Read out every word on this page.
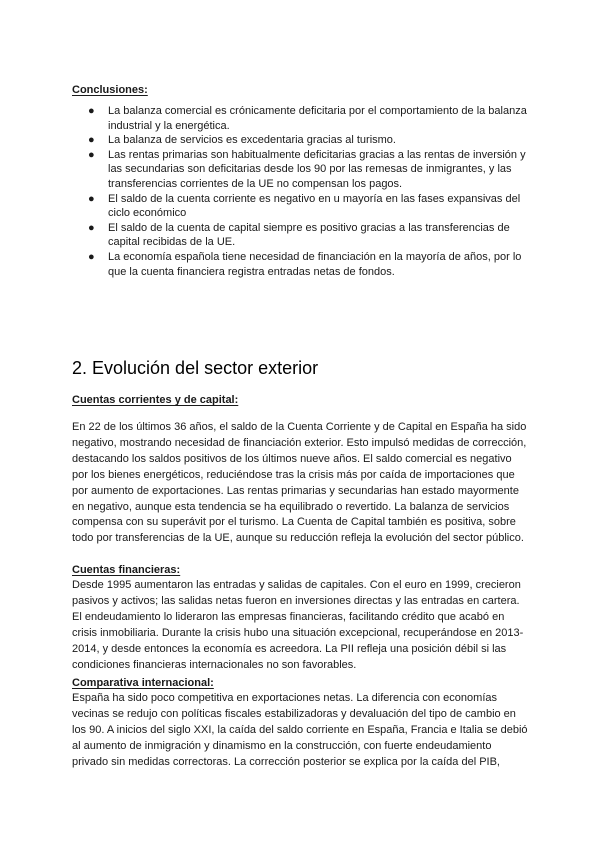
Conclusiones:

● La balanza comercial es crónicamente deficitaria por el comportamiento de la balanza industrial y la energética.
● La balanza de servicios es excedentaria gracias al turismo.
● Las rentas primarias son habitualmente deficitarias gracias a las rentas de inversión y las secundarias son deficitarias desde los 90 por las remesas de inmigrantes, y las transferencias corrientes de la UE no compensan los pagos.
● El saldo de la cuenta corriente es negativo en u mayoría en las fases expansivas del ciclo económico
● El saldo de la cuenta de capital siempre es positivo gracias a las transferencias de capital recibidas de la UE.
● La economía española tiene necesidad de financiación en la mayoría de años, por lo que la cuenta financiera registra entradas netas de fondos.
2. Evolución del sector exterior

Cuentas corrientes y de capital:

En 22 de los últimos 36 años, el saldo de la Cuenta Corriente y de Capital en España ha sido negativo, mostrando necesidad de financiación exterior. Esto impulsó medidas de corrección, destacando los saldos positivos de los últimos nueve años. El saldo comercial es negativo por los bienes energéticos, reduciéndose tras la crisis más por caída de importaciones que por aumento de exportaciones. Las rentas primarias y secundarias han estado mayormente en negativo, aunque esta tendencia se ha equilibrado o revertido. La balanza de servicios compensa con su superávit por el turismo. La Cuenta de Capital también es positiva, sobre todo por transferencias de la UE, aunque su reducción refleja la evolución del sector público.

Cuentas financieras:

Desde 1995 aumentaron las entradas y salidas de capitales. Con el euro en 1999, crecieron pasivos y activos; las salidas netas fueron en inversiones directas y las entradas en cartera. El endeudamiento lo lideraron las empresas financieras, facilitando crédito que acabó en crisis inmobiliaria. Durante la crisis hubo una situación excepcional, recuperándose en 2013-2014, y desde entonces la economía es acreedora. La PII refleja una posición débil si las condiciones financieras internacionales no son favorables.

Comparativa internacional:

España ha sido poco competitiva en exportaciones netas. La diferencia con economías vecinas se redujo con políticas fiscales estabilizadoras y devaluación del tipo de cambio en los 90. A inicios del siglo XXI, la caída del saldo corriente en España, Francia e Italia se debió al aumento de inmigración y dinamismo en la construcción, con fuerte endeudamiento privado sin medidas correctoras. La corrección posterior se explica por la caída del PIB,
